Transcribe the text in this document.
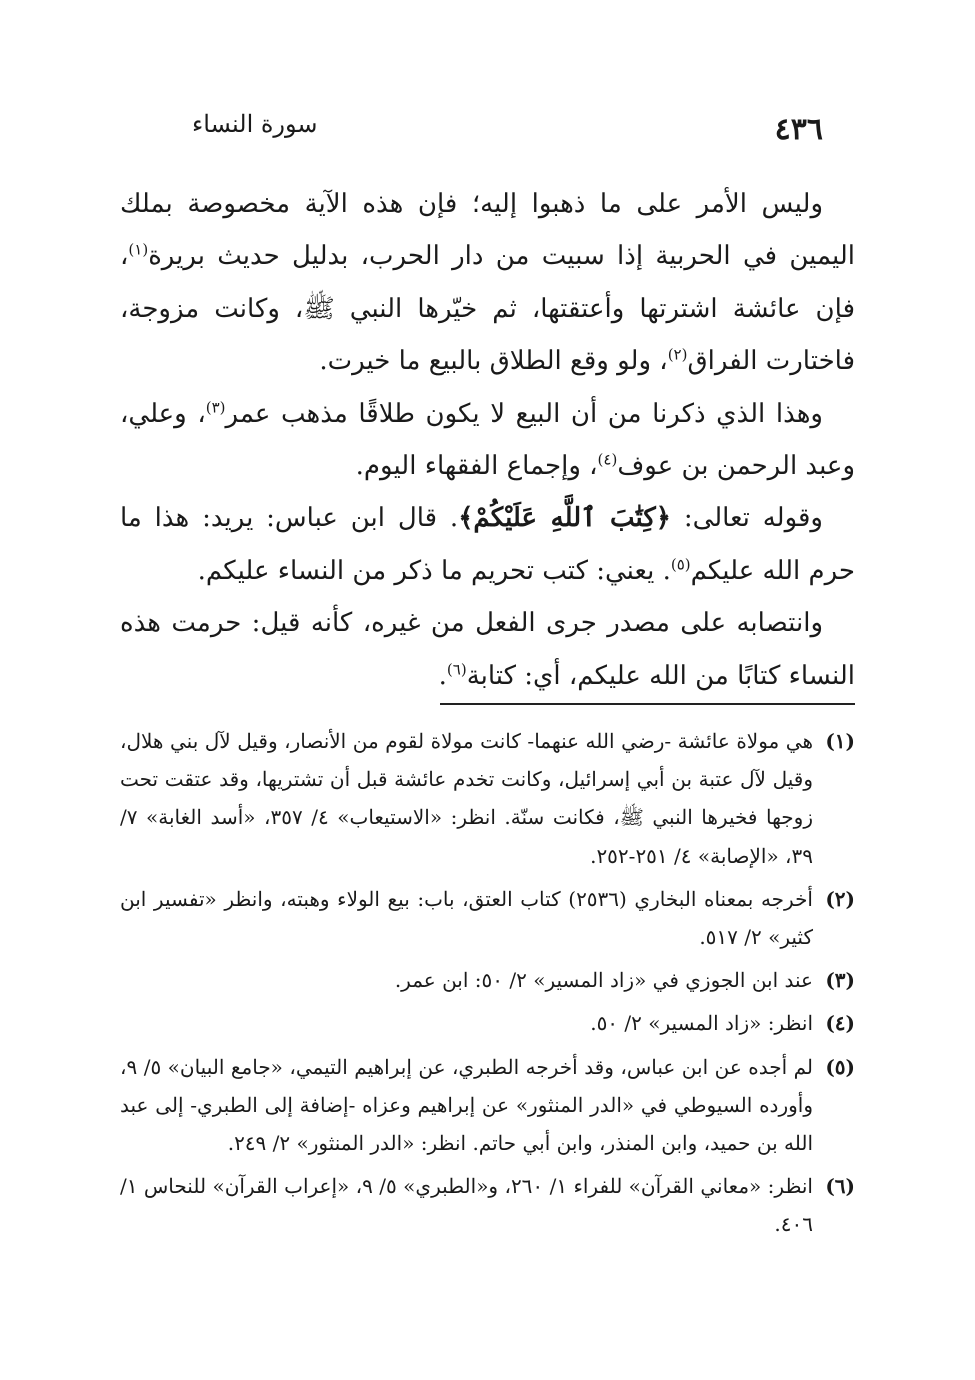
٤٣٦
سورة النساء

وليس الأمر على ما ذهبوا إليه؛ فإن هذه الآية مخصوصة بملك اليمين في الحربية إذا سبيت من دار الحرب، بدليل حديث بريرة$^{(١)}$، فإن عائشة اشترتها وأعتقتها، ثم خيّرها النبي ﷺ، وكانت مزوجة، فاختارت الفراق$^{(٢)}$، ولو وقع الطلاق بالبيع ما خيرت.

وهذا الذي ذكرنا من أن البيع لا يكون طلاقًا مذهب عمر$^{(٣)}$، وعلي، وعبد الرحمن بن عوف$^{(٤)}$، وإجماع الفقهاء اليوم.

وقوله تعالى: ﴿كِتَٰبَ ٱللَّهِ عَلَيْكُمْ﴾. قال ابن عباس: يريد: هذا ما حرم الله عليكم$^{(٥)}$. يعني: كتب تحريم ما ذكر من النساء عليكم.

وانتصابه على مصدر جرى الفعل من غيره، كأنه قيل: حرمت هذه النساء كتابًا من الله عليكم، أي: كتابة$^{(٦)}$.

(١)
هي مولاة عائشة -رضي الله عنهما- كانت مولاة لقوم من الأنصار، وقيل لآل بني هلال، وقيل لآل عتبة بن أبي إسرائيل، وكانت تخدم عائشة قبل أن تشتريها، وقد عتقت تحت زوجها فخيرها النبي ﷺ، فكانت سنّة. انظر: «الاستيعاب» ٤/ ٣٥٧، «أسد الغابة» ٧/ ٣٩، «الإصابة» ٤/ ٢٥١-٢٥٢.
(٢)
أخرجه بمعناه البخاري (٢٥٣٦) كتاب العتق، باب: بيع الولاء وهبته، وانظر «تفسير ابن كثير» ٢/ ٥١٧.
(٣)
عند ابن الجوزي في «زاد المسير» ٢/ ٥٠: ابن عمر.
(٤)
انظر: «زاد المسير» ٢/ ٥٠.
(٥)
لم أجده عن ابن عباس، وقد أخرجه الطبري، عن إبراهيم التيمي، «جامع البيان» ٥/ ٩، وأورده السيوطي في «الدر المنثور» عن إبراهيم وعزاه -إضافة إلى الطبري- إلى عبد الله بن حميد، وابن المنذر، وابن أبي حاتم. انظر: «الدر المنثور» ٢/ ٢٤٩.
(٦)
انظر: «معاني القرآن» للفراء ١/ ٢٦٠، و«الطبري» ٥/ ٩، «إعراب القرآن» للنحاس ١/ ٤٠٦.
